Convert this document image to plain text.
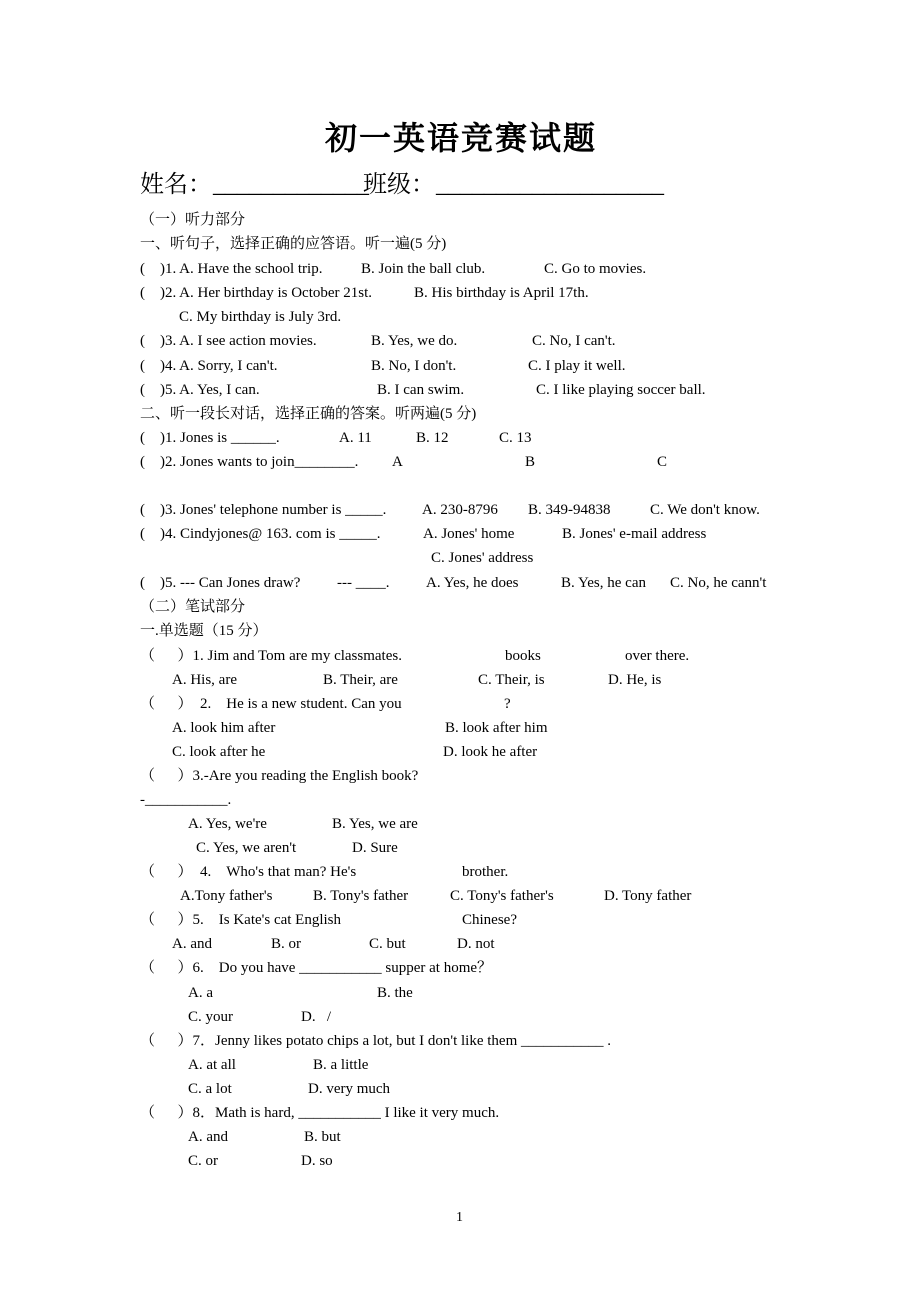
初一英语竞赛试题
姓名： _____________
班级： ___________________
（一）听力部分
一、听句子，选择正确的应答语。听一遍(5 分)
(    )1. A. Have the school trip.	B. Join the ball club.	C. Go to movies.
(    )2. A. Her birthday is October 21st.	B. His birthday is April 17th.
C. My birthday is July 3rd.
(    )3. A. I see action movies.	B. Yes, we do.	C. No, I can't.
(    )4. A. Sorry, I can't.	B. No, I don't.	C. I play it well.
(    )5. A. Yes, I can.	B. I can swim.	C. I like playing soccer ball.
二、听一段长对话，选择正确的答案。听两遍(5 分)
(    )1. Jones is ______.	A. 11	B. 12	C. 13
(    )2. Jones wants to join________. A	B	C
(    )3. Jones' telephone number is _____. A. 230-8796 B. 349-94838	C. We don't know.
(    )4. Cindyjones@ 163. com is _____.	A. Jones' home	B. Jones' e-mail address
C. Jones' address
(    )5. --- Can Jones draw? --- ____. A. Yes, he does	B. Yes, he can C. No, he cann't
（二）笔试部分
一.单选题（15 分）
（      ）1. Jim and Tom are my classmates.	books	over there.
A. His, are	B. Their, are	C. Their, is	D. He, is
（      ）  2.    He is a new student. Can you	?
A. look him after	B. look after him
C. look after he	D. look he after
（      ）3.-Are you reading the English book?
-___________.
A. Yes, we're	B. Yes, we are
C. Yes, we aren't	D. Sure
（      ）  4.    Who's that man? He's	brother.
A.Tony father's	B. Tony's father	C. Tony's father's	D. Tony father
（      ）5.    Is Kate's cat English	Chinese?
A. and	B. or	C. but	D. not
（      ）6.    Do you have ___________ supper at home？
A. a	B. the
C. your	D.   /
（      ）7．Jenny likes potato chips a lot, but I don't like them ___________ .
A. at all	B. a little
C. a lot	D. very much
（      ）8．Math is hard, ___________ I like it very much.
A. and	B. but
C. or	D. so
1
